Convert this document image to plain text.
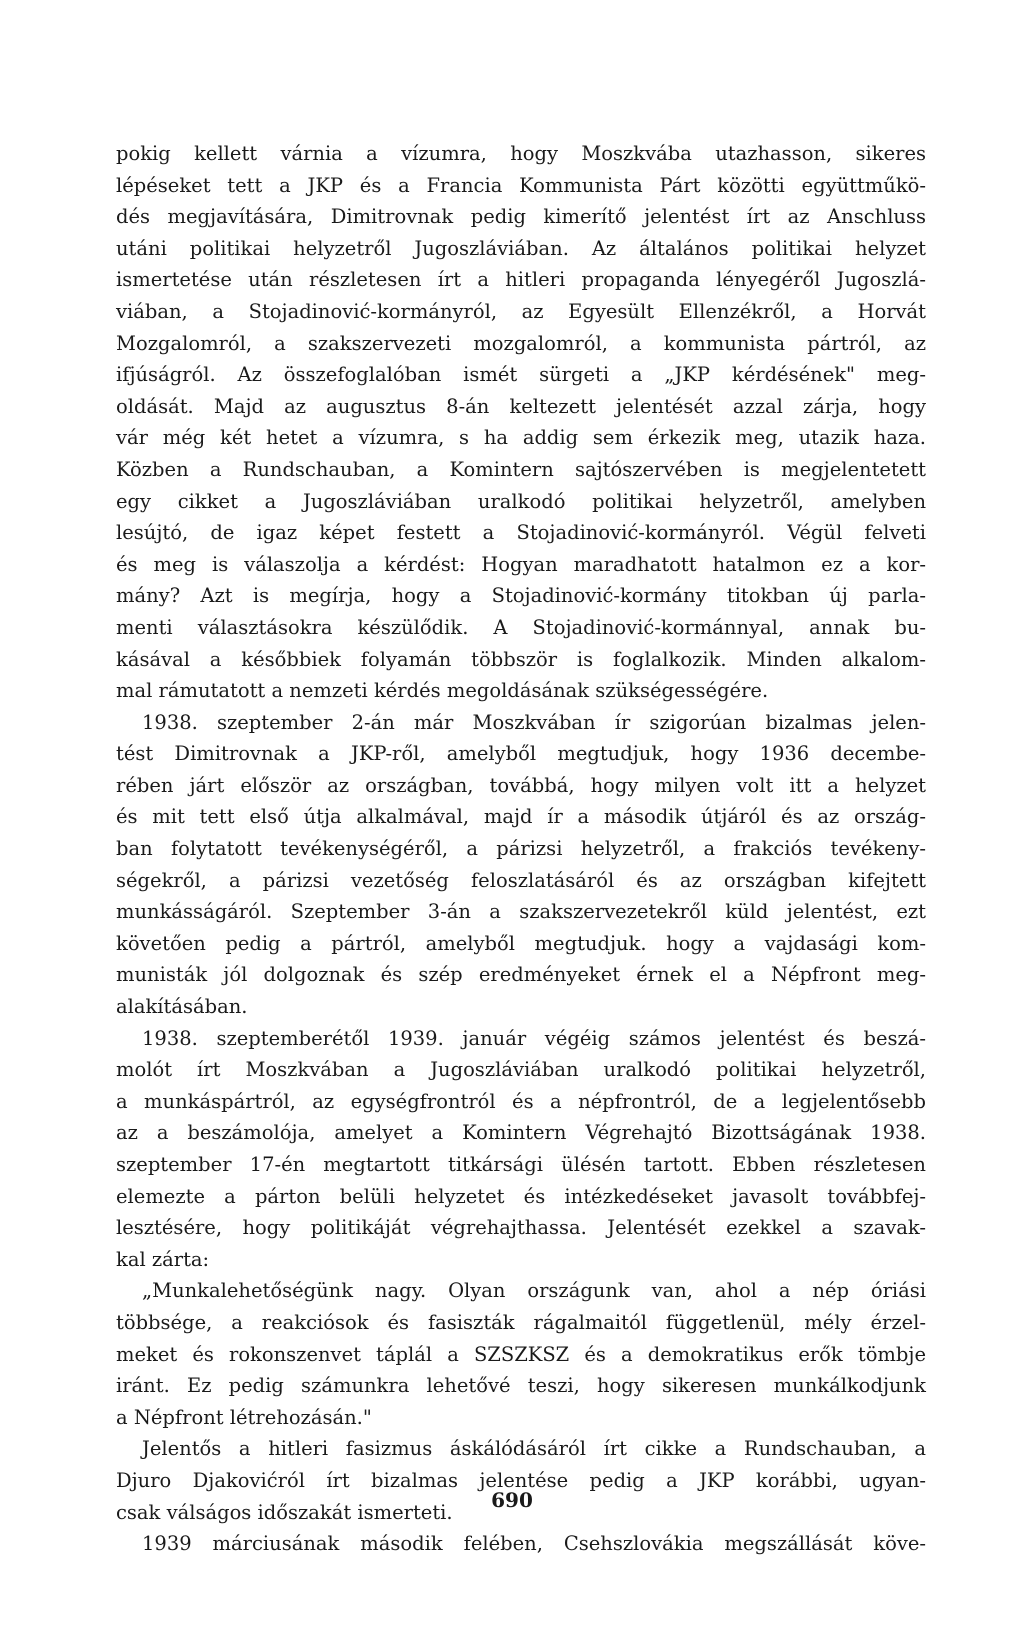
pokig kellett várnia a vízumra, hogy Moszkvába utazhasson, sikeres
lépéseket tett a JKP és a Francia Kommunista Párt közötti együttműkö-
dés megjavítására, Dimitrovnak pedig kimerítő jelentést írt az Anschluss
utáni politikai helyzetről Jugoszláviában. Az általános politikai helyzet
ismertetése után részletesen írt a hitleri propaganda lényegéről Jugoszlá-
viában, a Stojadinović-kormányról, az Egyesült Ellenzékről, a Horvát
Mozgalomról, a szakszervezeti mozgalomról, a kommunista pártról, az
ifjúságról. Az összefoglalóban ismét sürgeti a „JKP kérdésének" meg-
oldását. Majd az augusztus 8-án keltezett jelentését azzal zárja, hogy
vár még két hetet a vízumra, s ha addig sem érkezik meg, utazik haza.
Közben a Rundschauban, a Komintern sajtószervében is megjelentetett
egy cikket a Jugoszláviában uralkodó politikai helyzetről, amelyben
lesújtó, de igaz képet festett a Stojadinović-kormányról. Végül felveti
és meg is válaszolja a kérdést: Hogyan maradhatott hatalmon ez a kor-
mány? Azt is megírja, hogy a Stojadinović-kormány titokban új parla-
menti választásokra készülődik. A Stojadinović-kormánnyal, annak bu-
kásával a későbbiek folyamán többször is foglalkozik. Minden alkalom-
mal rámutatott a nemzeti kérdés megoldásának szükségességére.
1938. szeptember 2-án már Moszkvában ír szigorúan bizalmas jelen-
tést Dimitrovnak a JKP-ről, amelyből megtudjuk, hogy 1936 decembe-
rében járt először az országban, továbbá, hogy milyen volt itt a helyzet
és mit tett első útja alkalmával, majd ír a második útjáról és az ország-
ban folytatott tevékenységéről, a párizsi helyzetről, a frakciós tevékeny-
ségekről, a párizsi vezetőség feloszlatásáról és az országban kifejtett
munkásságáról. Szeptember 3-án a szakszervezetekről küld jelentést, ezt
követően pedig a pártról, amelyből megtudjuk. hogy a vajdasági kom-
munisták jól dolgoznak és szép eredményeket érnek el a Népfront meg-
alakításában.
1938. szeptemberétől 1939. január végéig számos jelentést és beszá-
molót írt Moszkvában a Jugoszláviában uralkodó politikai helyzetről,
a munkáspártról, az egységfrontról és a népfrontról, de a legjelentősebb
az a beszámolója, amelyet a Komintern Végrehajtó Bizottságának 1938.
szeptember 17-én megtartott titkársági ülésén tartott. Ebben részletesen
elemezte a párton belüli helyzetet és intézkedéseket javasolt továbbfej-
lesztésére, hogy politikáját végrehajthassa. Jelentését ezekkel a szavak-
kal zárta:
„Munkalehetőségünk nagy. Olyan országunk van, ahol a nép óriási
többsége, a reakciósok és fasiszták rágalmaitól függetlenül, mély érzel-
meket és rokonszenvet táplál a SZSZKSZ és a demokratikus erők tömbje
iránt. Ez pedig számunkra lehetővé teszi, hogy sikeresen munkálkodjunk
a Népfront létrehozásán."
Jelentős a hitleri fasizmus áskálódásáról írt cikke a Rundschauban, a
Djuro Djakovićról írt bizalmas jelentése pedig a JKP korábbi, ugyan-
csak válságos időszakát ismerteti.
1939 márciusának második felében, Csehszlovákia megszállását köve-
690
